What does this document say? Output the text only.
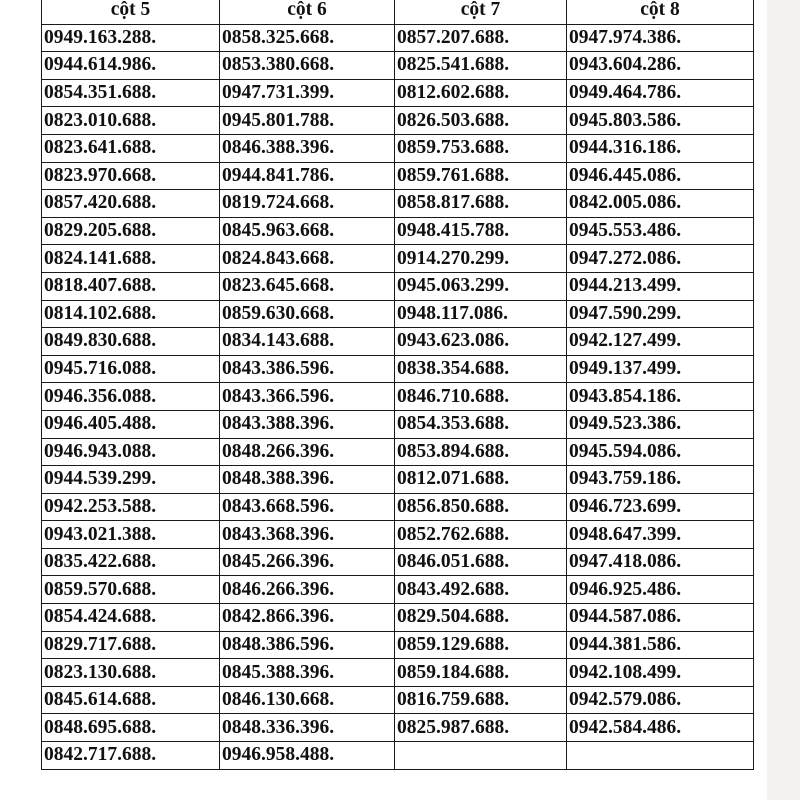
cột 5	cột 6	cột 7	cột 8
0949.163.288.	0858.325.668.	0857.207.688.	0947.974.386.
0944.614.986.	0853.380.668.	0825.541.688.	0943.604.286.
0854.351.688.	0947.731.399.	0812.602.688.	0949.464.786.
0823.010.688.	0945.801.788.	0826.503.688.	0945.803.586.
0823.641.688.	0846.388.396.	0859.753.688.	0944.316.186.
0823.970.668.	0944.841.786.	0859.761.688.	0946.445.086.
0857.420.688.	0819.724.668.	0858.817.688.	0842.005.086.
0829.205.688.	0845.963.668.	0948.415.788.	0945.553.486.
0824.141.688.	0824.843.668.	0914.270.299.	0947.272.086.
0818.407.688.	0823.645.668.	0945.063.299.	0944.213.499.
0814.102.688.	0859.630.668.	0948.117.086.	0947.590.299.
0849.830.688.	0834.143.688.	0943.623.086.	0942.127.499.
0945.716.088.	0843.386.596.	0838.354.688.	0949.137.499.
0946.356.088.	0843.366.596.	0846.710.688.	0943.854.186.
0946.405.488.	0843.388.396.	0854.353.688.	0949.523.386.
0946.943.088.	0848.266.396.	0853.894.688.	0945.594.086.
0944.539.299.	0848.388.396.	0812.071.688.	0943.759.186.
0942.253.588.	0843.668.596.	0856.850.688.	0946.723.699.
0943.021.388.	0843.368.396.	0852.762.688.	0948.647.399.
0835.422.688.	0845.266.396.	0846.051.688.	0947.418.086.
0859.570.688.	0846.266.396.	0843.492.688.	0946.925.486.
0854.424.688.	0842.866.396.	0829.504.688.	0944.587.086.
0829.717.688.	0848.386.596.	0859.129.688.	0944.381.586.
0823.130.688.	0845.388.396.	0859.184.688.	0942.108.499.
0845.614.688.	0846.130.668.	0816.759.688.	0942.579.086.
0848.695.688.	0848.336.396.	0825.987.688.	0942.584.486.
0842.717.688.	0946.958.488.		
